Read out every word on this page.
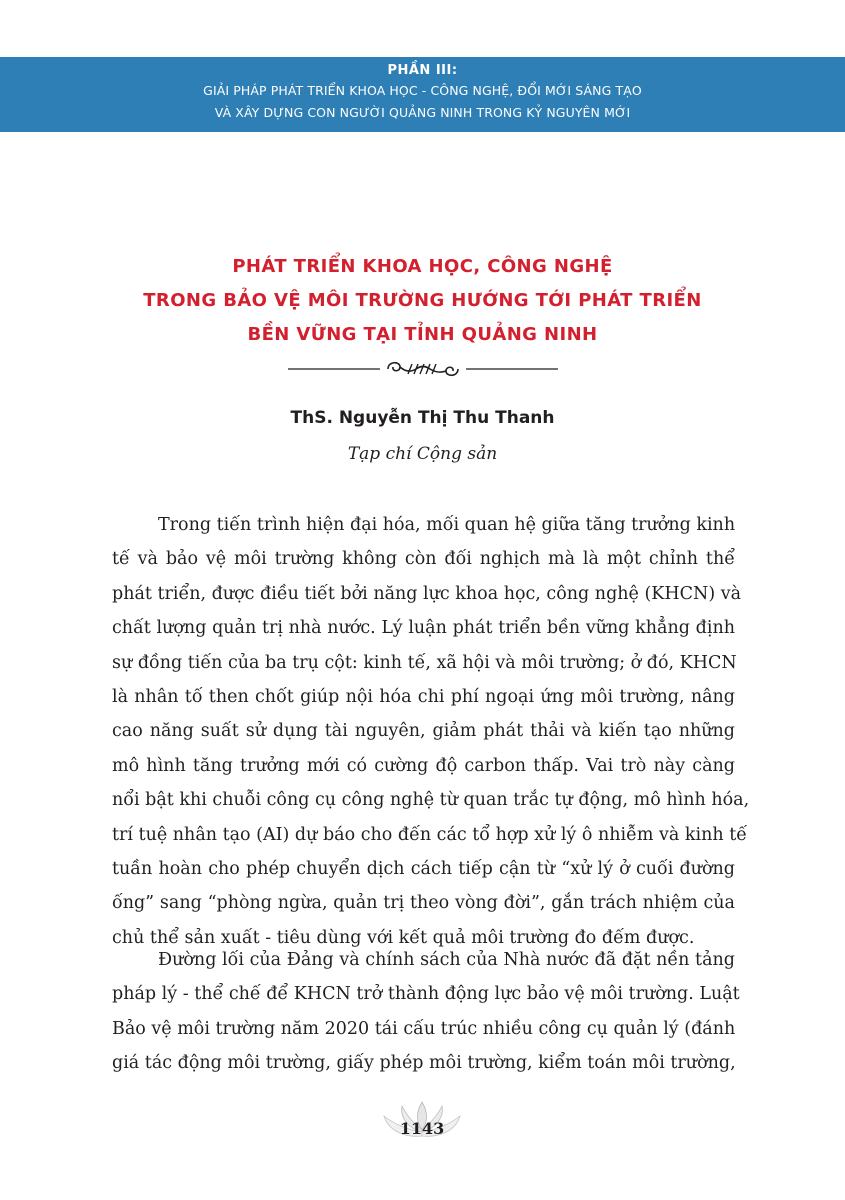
PHẦN III:
GIẢI PHÁP PHÁT TRIỂN KHOA HỌC - CÔNG NGHỆ, ĐỔI MỚI SÁNG TẠO
VÀ XÂY DỰNG CON NGƯỜI QUẢNG NINH TRONG KỶ NGUYÊN MỚI
PHÁT TRIỂN KHOA HỌC, CÔNG NGHỆ
TRONG BẢO VỆ MÔI TRƯỜNG HƯỚNG TỚI PHÁT TRIỂN
BỀN VỮNG TẠI TỈNH QUẢNG NINH
ThS. Nguyễn Thị Thu Thanh
Tạp chí Cộng sản
Trong tiến trình hiện đại hóa, mối quan hệ giữa tăng trưởng kinh
tế và bảo vệ môi trường không còn đối nghịch mà là một chỉnh thể
phát triển, được điều tiết bởi năng lực khoa học, công nghệ (KHCN) và
chất lượng quản trị nhà nước. Lý luận phát triển bền vững khẳng định
sự đồng tiến của ba trụ cột: kinh tế, xã hội và môi trường; ở đó, KHCN
là nhân tố then chốt giúp nội hóa chi phí ngoại ứng môi trường, nâng
cao năng suất sử dụng tài nguyên, giảm phát thải và kiến tạo những
mô hình tăng trưởng mới có cường độ carbon thấp. Vai trò này càng
nổi bật khi chuỗi công cụ công nghệ từ quan trắc tự động, mô hình hóa,
trí tuệ nhân tạo (AI) dự báo cho đến các tổ hợp xử lý ô nhiễm và kinh tế
tuần hoàn cho phép chuyển dịch cách tiếp cận từ “xử lý ở cuối đường
ống” sang “phòng ngừa, quản trị theo vòng đời”, gắn trách nhiệm của
chủ thể sản xuất - tiêu dùng với kết quả môi trường đo đếm được.
Đường lối của Đảng và chính sách của Nhà nước đã đặt nền tảng
pháp lý - thể chế để KHCN trở thành động lực bảo vệ môi trường. Luật
Bảo vệ môi trường năm 2020 tái cấu trúc nhiều công cụ quản lý (đánh
giá tác động môi trường, giấy phép môi trường, kiểm toán môi trường,
1143
